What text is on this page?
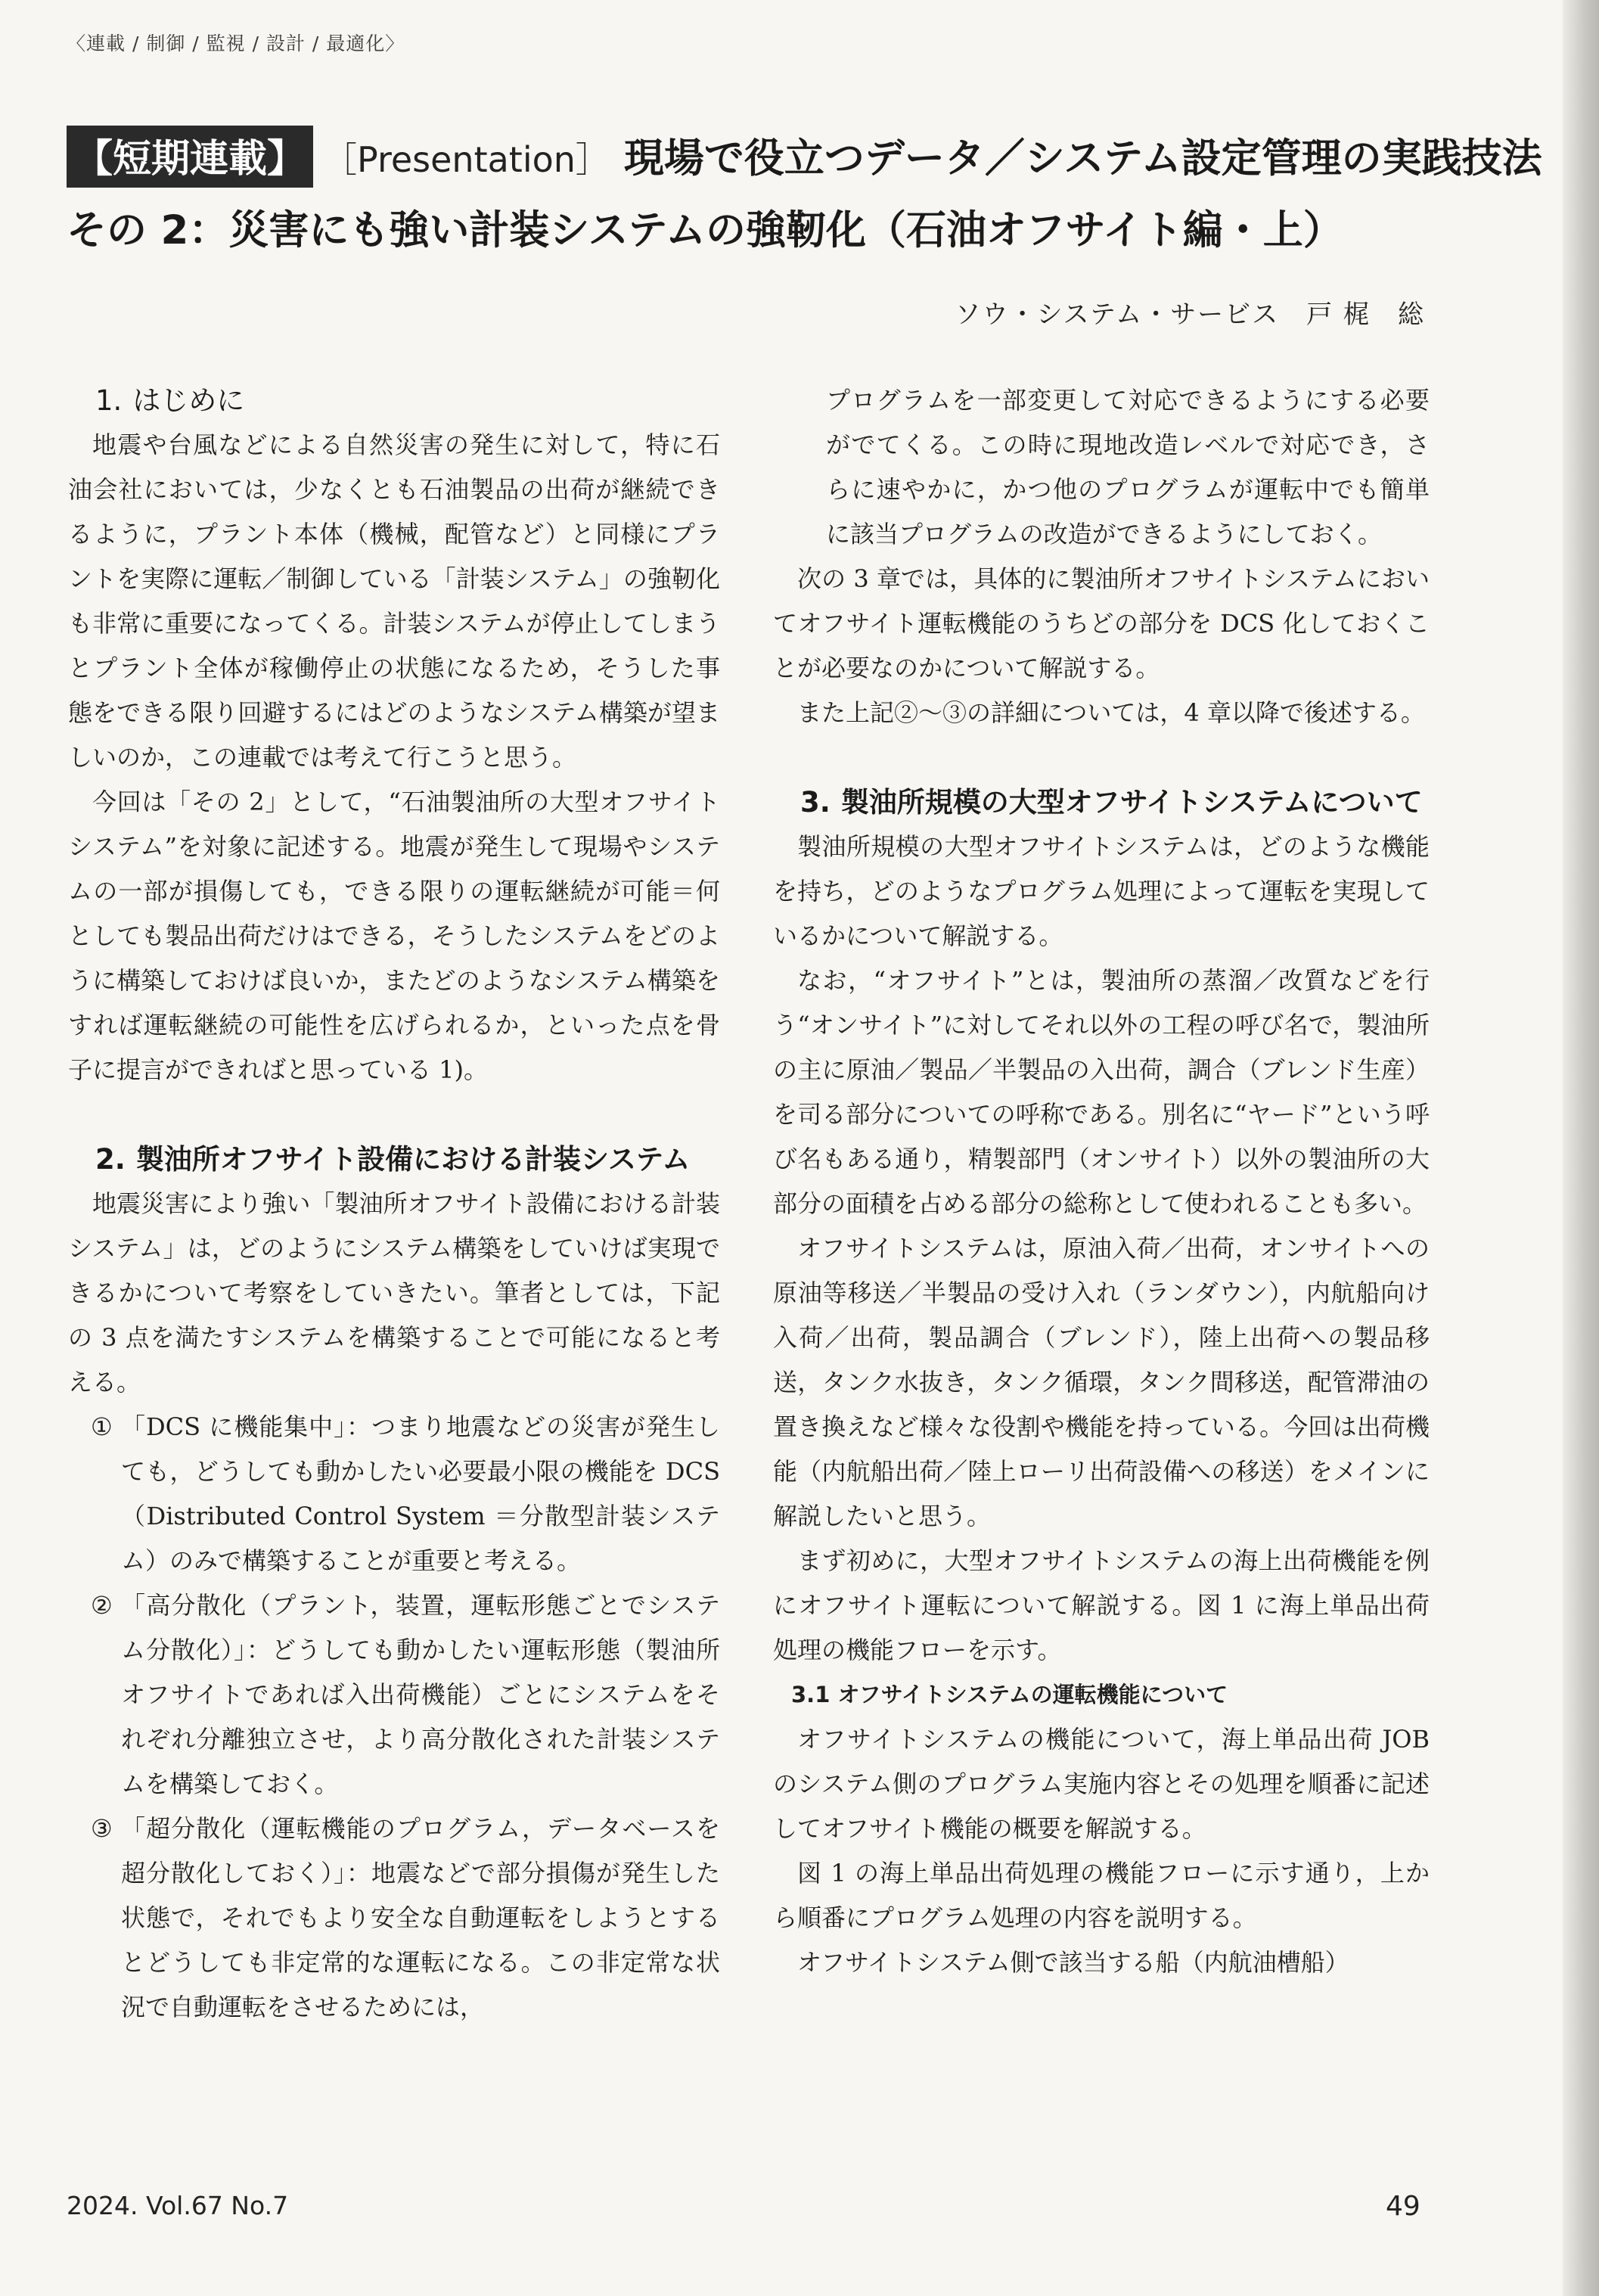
〈連載 / 制御 / 監視 / 設計 / 最適化〉
【短期連載】 ［Presentation］ 現場で役立つデータ／システム設定管理の実践技法
その 2：災害にも強い計装システムの強靭化（石油オフサイト編・上）
ソウ・システム・サービス　戸 梶　総
1. はじめに

地震や台風などによる自然災害の発生に対して，特に石油会社においては，少なくとも石油製品の出荷が継続できるように，プラント本体（機械，配管など）と同様にプラントを実際に運転／制御している「計装システム」の強靭化も非常に重要になってくる。計装システムが停止してしまうとプラント全体が稼働停止の状態になるため，そうした事態をできる限り回避するにはどのようなシステム構築が望ましいのか，この連載では考えて行こうと思う。

今回は「その 2」として，“石油製油所の大型オフサイトシステム”を対象に記述する。地震が発生して現場やシステムの一部が損傷しても，できる限りの運転継続が可能＝何としても製品出荷だけはできる，そうしたシステムをどのように構築しておけば良いか，またどのようなシステム構築をすれば運転継続の可能性を広げられるか，といった点を骨子に提言ができればと思っている 1)。

2. 製油所オフサイト設備における計装システム

地震災害により強い「製油所オフサイト設備における計装システム」は，どのようにシステム構築をしていけば実現できるかについて考察をしていきたい。筆者としては，下記の 3 点を満たすシステムを構築することで可能になると考える。

① 「DCS に機能集中」：つまり地震などの災害が発生しても，どうしても動かしたい必要最小限の機能を DCS（Distributed Control System ＝分散型計装システム）のみで構築することが重要と考える。
② 「高分散化（プラント，装置，運転形態ごとでシステム分散化）」：どうしても動かしたい運転形態（製油所オフサイトであれば入出荷機能）ごとにシステムをそれぞれ分離独立させ，より高分散化された計装システムを構築しておく。
③ 「超分散化（運転機能のプログラム，データベースを超分散化しておく）」：地震などで部分損傷が発生した状態で，それでもより安全な自動運転をしようとするとどうしても非定常的な運転になる。この非定常な状況で自動運転をさせるためには，

プログラムを一部変更して対応できるようにする必要がでてくる。この時に現地改造レベルで対応でき，さらに速やかに，かつ他のプログラムが運転中でも簡単に該当プログラムの改造ができるようにしておく。

次の 3 章では，具体的に製油所オフサイトシステムにおいてオフサイト運転機能のうちどの部分を DCS 化しておくことが必要なのかについて解説する。

また上記②～③の詳細については，4 章以降で後述する。

3. 製油所規模の大型オフサイトシステムについて

製油所規模の大型オフサイトシステムは，どのような機能を持ち，どのようなプログラム処理によって運転を実現しているかについて解説する。

なお，“オフサイト”とは，製油所の蒸溜／改質などを行う“オンサイト”に対してそれ以外の工程の呼び名で，製油所の主に原油／製品／半製品の入出荷，調合（ブレンド生産）を司る部分についての呼称である。別名に“ヤード”という呼び名もある通り，精製部門（オンサイト）以外の製油所の大部分の面積を占める部分の総称として使われることも多い。

オフサイトシステムは，原油入荷／出荷，オンサイトへの原油等移送／半製品の受け入れ（ランダウン），内航船向け入荷／出荷，製品調合（ブレンド），陸上出荷への製品移送，タンク水抜き，タンク循環，タンク間移送，配管滞油の置き換えなど様々な役割や機能を持っている。今回は出荷機能（内航船出荷／陸上ローリ出荷設備への移送）をメインに解説したいと思う。

まず初めに，大型オフサイトシステムの海上出荷機能を例にオフサイト運転について解説する。図 1 に海上単品出荷処理の機能フローを示す。

3.1 オフサイトシステムの運転機能について

オフサイトシステムの機能について，海上単品出荷 JOB のシステム側のプログラム実施内容とその処理を順番に記述してオフサイト機能の概要を解説する。

図 1 の海上単品出荷処理の機能フローに示す通り，上から順番にプログラム処理の内容を説明する。

オフサイトシステム側で該当する船（内航油槽船）

2024. Vol.67 No.7	49
